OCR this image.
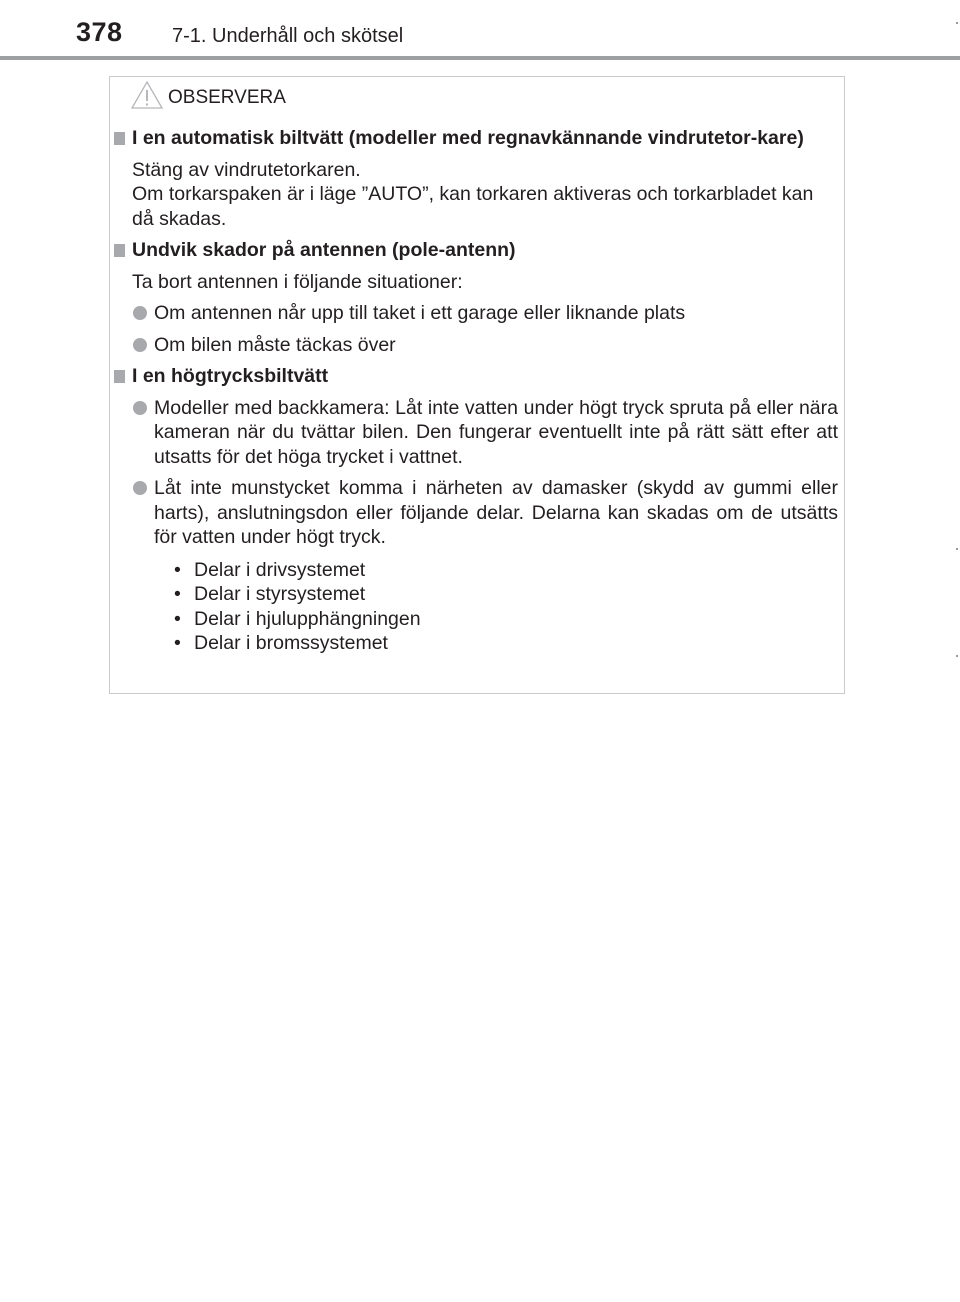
378 7-1. Underhåll och skötsel
OBSERVERA
I en automatisk biltvätt (modeller med regnavkännande vindrutetor-kare)

Stäng av vindrutetorkaren.

Om torkarspaken är i läge ”AUTO”, kan torkaren aktiveras och torkarbladet kan då skadas.

Undvik skador på antennen (pole-antenn)
Ta bort antennen i följande situationer:
Om antennen når upp till taket i ett garage eller liknande plats
Om bilen måste täckas över
I en högtrycksbiltvätt
Modeller med backkamera: Låt inte vatten under högt tryck spruta på eller nära kameran när du tvättar bilen. Den fungerar eventuellt inte på rätt sätt efter att utsatts för det höga trycket i vattnet.
Låt inte munstycket komma i närheten av damasker (skydd av gummi eller harts), anslutningsdon eller följande delar. Delarna kan skadas om de utsätts för vatten under högt tryck.
• Delar i drivsystemet
• Delar i styrsystemet
• Delar i hjulupphängningen
• Delar i bromssystemet
